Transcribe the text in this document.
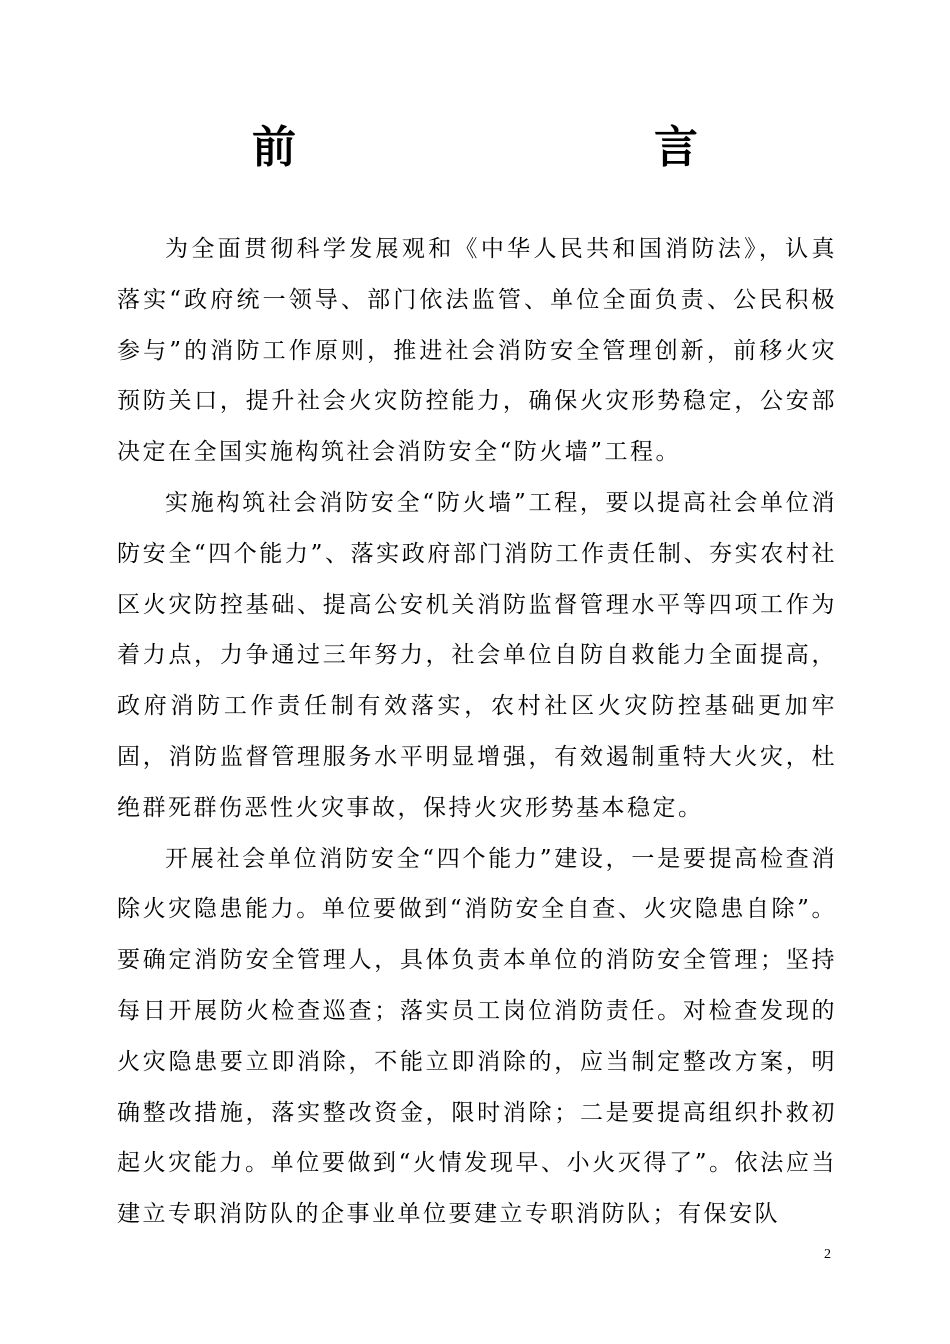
前　　言

为全面贯彻科学发展观和《中华人民共和国消防法》，认真落实“政府统一领导、部门依法监管、单位全面负责、公民积极参与”的消防工作原则，推进社会消防安全管理创新，前移火灾预防关口，提升社会火灾防控能力，确保火灾形势稳定，公安部决定在全国实施构筑社会消防安全“防火墙”工程。

实施构筑社会消防安全“防火墙”工程，要以提高社会单位消防安全“四个能力”、落实政府部门消防工作责任制、夯实农村社区火灾防控基础、提高公安机关消防监督管理水平等四项工作为着力点，力争通过三年努力，社会单位自防自救能力全面提高，政府消防工作责任制有效落实，农村社区火灾防控基础更加牢固，消防监督管理服务水平明显增强，有效遏制重特大火灾，杜绝群死群伤恶性火灾事故，保持火灾形势基本稳定。

开展社会单位消防安全“四个能力”建设，一是要提高检查消除火灾隐患能力。单位要做到“消防安全自查、火灾隐患自除”。要确定消防安全管理人，具体负责本单位的消防安全管理；坚持每日开展防火检查巡查；落实员工岗位消防责任。对检查发现的火灾隐患要立即消除，不能立即消除的，应当制定整改方案，明确整改措施，落实整改资金，限时消除；二是要提高组织扑救初起火灾能力。单位要做到“火情发现早、小火灭得了”。依法应当建立专职消防队的企事业单位要建立专职消防队；有保安队

2
